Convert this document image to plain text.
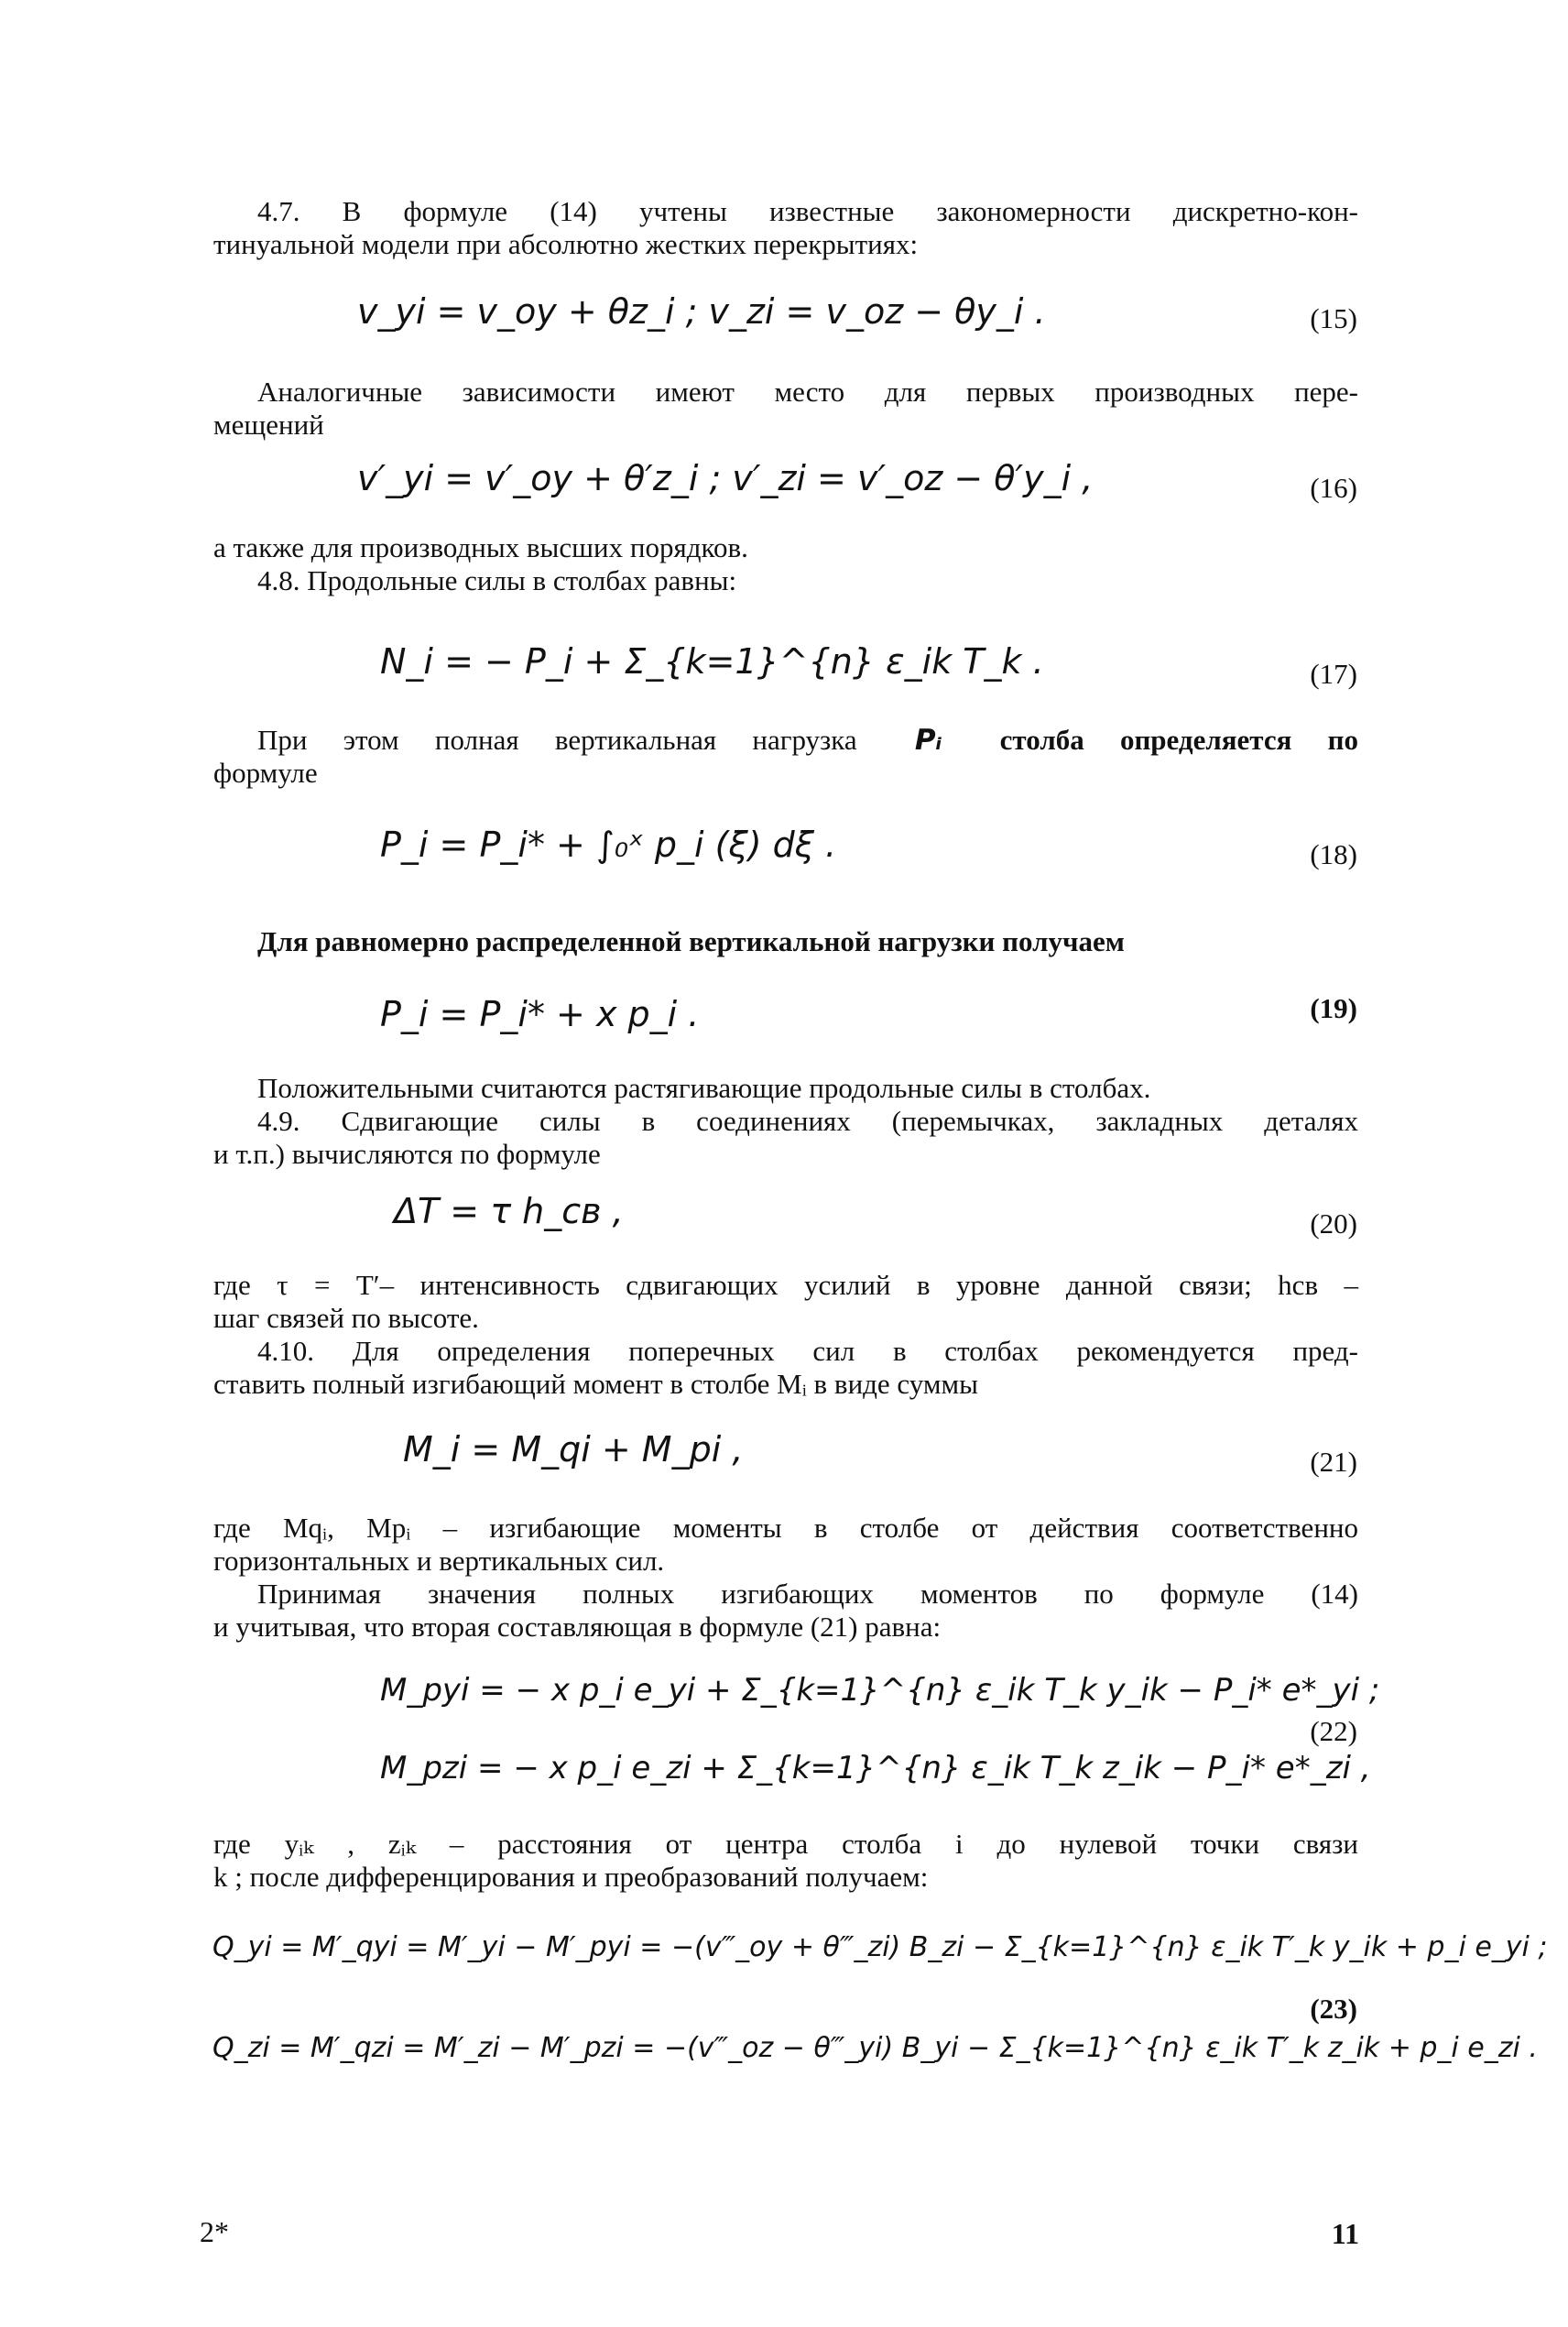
4.7. В формуле (14) учтены известные закономерности дискретно-кон-
тинуальной модели при абсолютно жестких перекрытиях:
v_yi = v_oy + θz_i ; v_zi = v_oz − θy_i .	(15)
Аналогичные зависимости имеют место для первых производных пере-
мещений
v′_yi = v′_oy + θ′z_i ; v′_zi = v′_oz − θ′y_i ,	(16)
а также для производных высших порядков.
4.8. Продольные силы в столбах равны:
N_i = − P_i + Σ_{k=1}^{n} ε_ik T_k .	(17)
При этом полная вертикальная нагрузка Pᵢ столба определяется по
формуле
P_i = P_i* + ∫₀ˣ p_i (ξ) dξ .	(18)
Для равномерно распределенной вертикальной нагрузки получаем
P_i = P_i* + x p_i .	(19)
Положительными считаются растягивающие продольные силы в столбах.
4.9. Сдвигающие силы в соединениях (перемычках, закладных деталях
и т.п.) вычисляются по формуле
ΔT = τ h_св ,	(20)
где τ = T′– интенсивность сдвигающих усилий в уровне данной связи; hсв –
шаг связей по высоте.
4.10. Для определения поперечных сил в столбах рекомендуется пред-
ставить полный изгибающий момент в столбе Mᵢ в виде суммы
M_i = M_qi + M_pi ,	(21)
где Mqᵢ, Mpᵢ – изгибающие моменты в столбе от действия соответственно
горизонтальных и вертикальных сил.
Принимая значения полных изгибающих моментов по формуле (14)
и учитывая, что вторая составляющая в формуле (21) равна:
M_pyi = − x p_i e_yi + Σ_{k=1}^{n} ε_ik T_k y_ik − P_i* e*_yi ;
M_pzi = − x p_i e_zi + Σ_{k=1}^{n} ε_ik T_k z_ik − P_i* e*_zi ,
(22)
где yᵢₖ , zᵢₖ – расстояния от центра столба i до нулевой точки связи
k ; после дифференцирования и преобразований получаем:
Q_yi = M′_qyi = M′_yi − M′_pyi = −(v‴_oy + θ‴_zi) B_zi − Σ_{k=1}^{n} ε_ik T′_k y_ik + p_i e_yi ;
Q_zi = M′_qzi = M′_zi − M′_pzi = −(v‴_oz − θ‴_yi) B_yi − Σ_{k=1}^{n} ε_ik T′_k z_ik + p_i e_zi .
(23)
2*	11
